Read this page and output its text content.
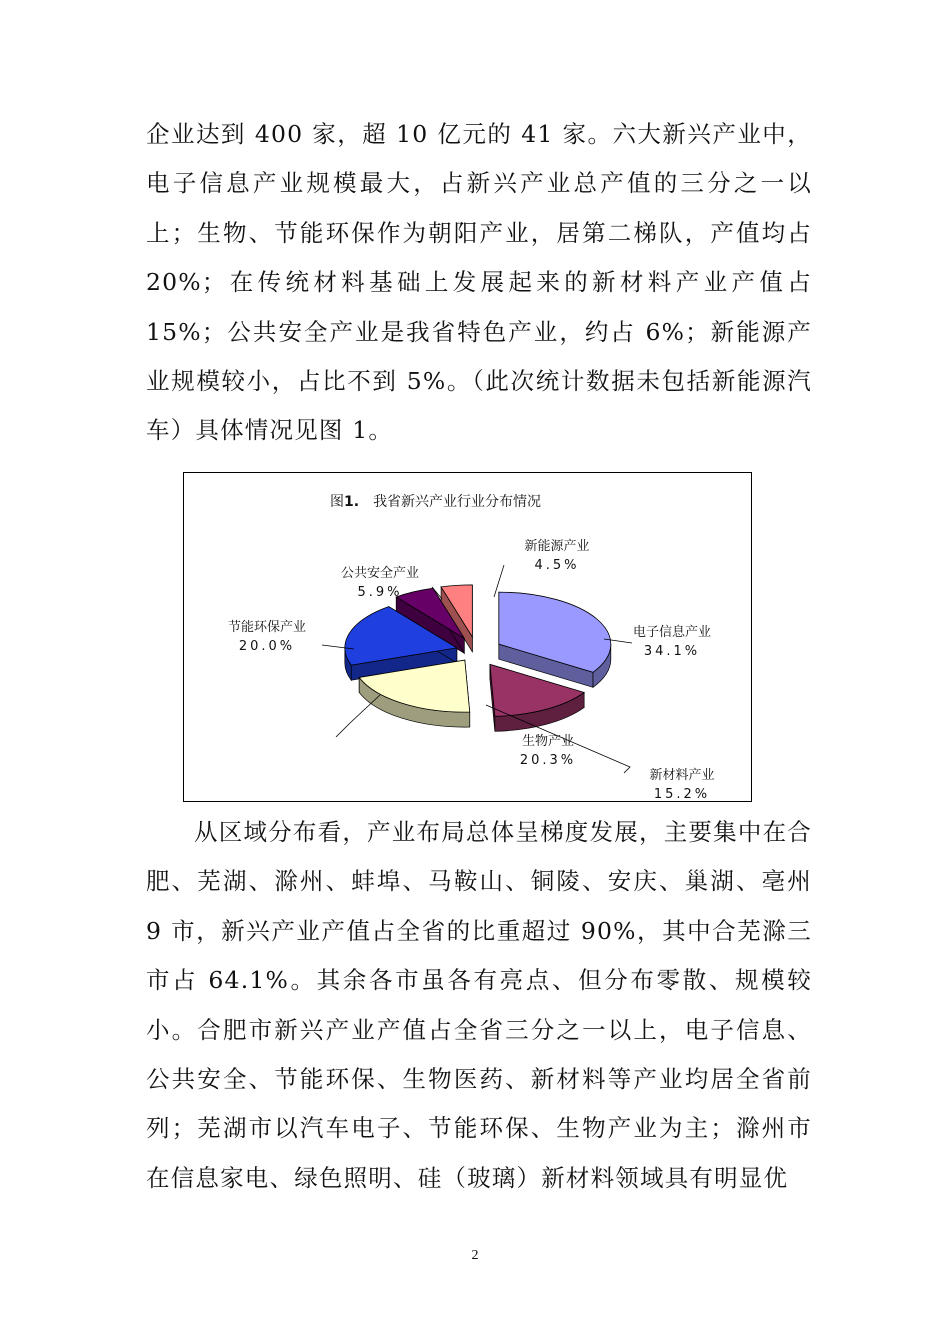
企业达到 400 家，超 10 亿元的 41 家。六大新兴产业中，电子信息产业规模最大，占新兴产业总产值的三分之一以上；生物、节能环保作为朝阳产业，居第二梯队，产值均占 20%；在传统材料基础上发展起来的新材料产业产值占 15%；公共安全产业是我省特色产业，约占 6%；新能源产业规模较小，占比不到 5%。（此次统计数据未包括新能源汽车）具体情况见图 1。

图1. 我省新兴产业行业分布情况
电子信息产业
34.1%
新材料产业
15.2%
生物产业
20.3%
节能环保产业
20.0%
公共安全产业
5.9%
新能源产业
4.5%

从区域分布看，产业布局总体呈梯度发展，主要集中在合肥、芜湖、滁州、蚌埠、马鞍山、铜陵、安庆、巢湖、亳州 9 市，新兴产业产值占全省的比重超过 90%，其中合芜滁三市占 64.1%。其余各市虽各有亮点、但分布零散、规模较小。合肥市新兴产业产值占全省三分之一以上，电子信息、公共安全、节能环保、生物医药、新材料等产业均居全省前列；芜湖市以汽车电子、节能环保、生物产业为主；滁州市在信息家电、绿色照明、硅（玻璃）新材料领域具有明显优

2
